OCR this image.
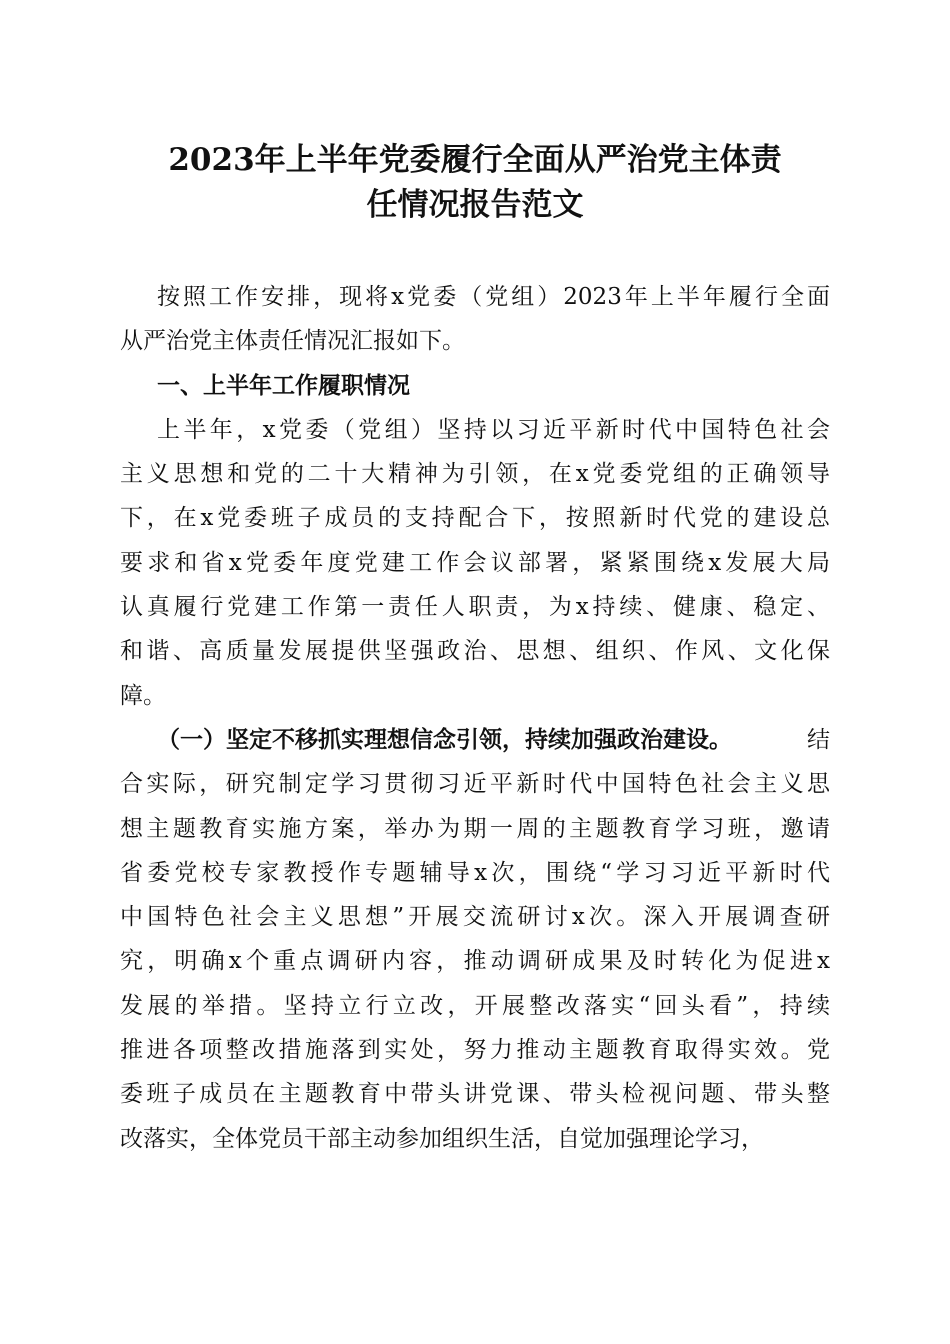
2023年上半年党委履行全面从严治党主体责
任情况报告范文
按照工作安排，现将x党委（党组）2023年上半年履行全面
从严治党主体责任情况汇报如下。
一、上半年工作履职情况
上半年，x党委（党组）坚持以习近平新时代中国特色社会
主义思想和党的二十大精神为引领，在x党委党组的正确领导
下，在x党委班子成员的支持配合下，按照新时代党的建设总
要求和省x党委年度党建工作会议部署，紧紧围绕x发展大局
认真履行党建工作第一责任人职责，为x持续、健康、稳定、
和谐、高质量发展提供坚强政治、思想、组织、作风、文化保
障。
（一）坚定不移抓实理想信念引领，持续加强政治建设。	结
合实际，研究制定学习贯彻习近平新时代中国特色社会主义思
想主题教育实施方案，举办为期一周的主题教育学习班，邀请
省委党校专家教授作专题辅导x次，围绕“学习习近平新时代
中国特色社会主义思想”开展交流研讨x次。深入开展调查研
究，明确x个重点调研内容，推动调研成果及时转化为促进x
发展的举措。坚持立行立改，开展整改落实“回头看”，持续
推进各项整改措施落到实处，努力推动主题教育取得实效。党
委班子成员在主题教育中带头讲党课、带头检视问题、带头整
改落实，全体党员干部主动参加组织生活，自觉加强理论学习，
